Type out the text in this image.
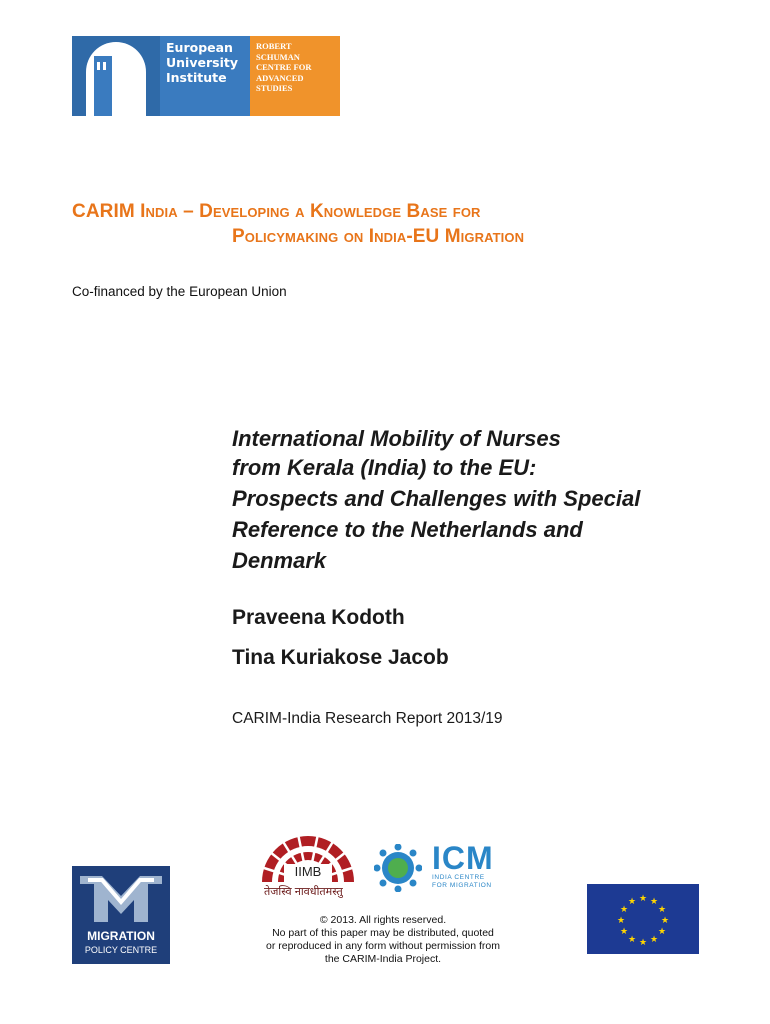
European
University
Institute
ROBERT
SCHUMAN
CENTRE FOR
ADVANCED
STUDIES
CARIM India – Developing a Knowledge Base for
Policymaking on India-EU Migration
Co-financed by the European Union
International Mobility of Nurses
from Kerala (India) to the EU:
Prospects and Challenges with Special
Reference to the Netherlands and
Denmark
Praveena Kodoth
Tina Kuriakose Jacob
CARIM-India Research Report 2013/19
IIMB
तेजस्वि नावधीतमस्तु
ICM
INDIA CENTRE
FOR MIGRATION
MIGRATION
POLICY CENTRE
© 2013. All rights reserved.
No part of this paper may be distributed, quoted
or reproduced in any form without permission from
the CARIM-India Project.
★ ★
★
★
★
★
★
★
★
★
★
★
